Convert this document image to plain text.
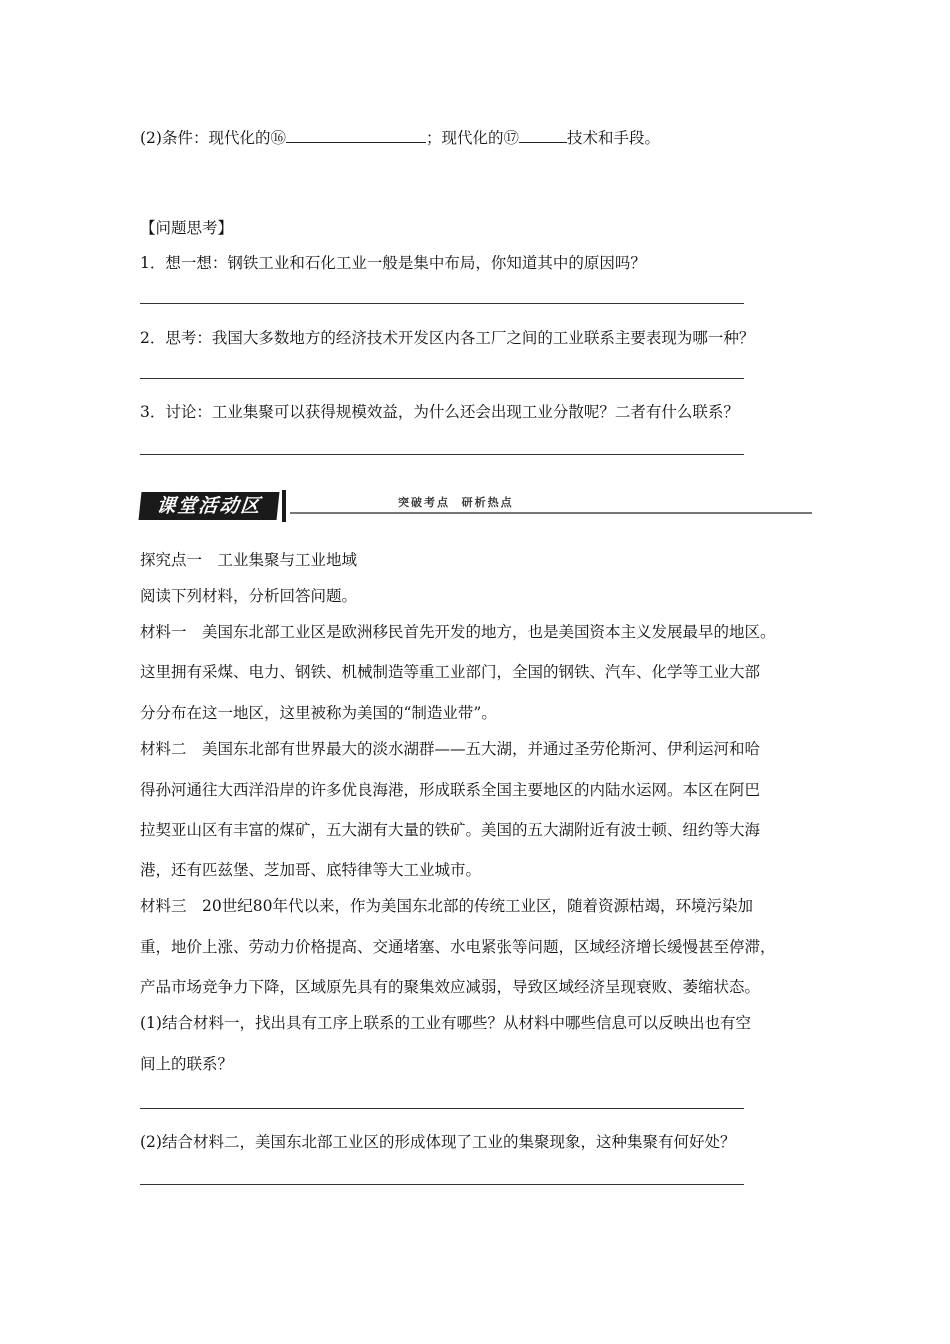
(2)条件：现代化的⑯	；现代化的⑰	技术和手段。
【问题思考】
1．想一想：钢铁工业和石化工业一般是集中布局，你知道其中的原因吗？
2．思考：我国大多数地方的经济技术开发区内各工厂之间的工业联系主要表现为哪一种？
3．讨论：工业集聚可以获得规模效益，为什么还会出现工业分散呢？二者有什么联系？
课堂活动区	突破考点  研析热点
探究点一　工业集聚与工业地域
阅读下列材料，分析回答问题。
材料一　美国东北部工业区是欧洲移民首先开发的地方，也是美国资本主义发展最早的地区。
这里拥有采煤、电力、钢铁、机械制造等重工业部门，全国的钢铁、汽车、化学等工业大部
分分布在这一地区，这里被称为美国的“制造业带”。
材料二　美国东北部有世界最大的淡水湖群——五大湖，并通过圣劳伦斯河、伊利运河和哈
得孙河通往大西洋沿岸的许多优良海港，形成联系全国主要地区的内陆水运网。本区在阿巴
拉契亚山区有丰富的煤矿，五大湖有大量的铁矿。美国的五大湖附近有波士顿、纽约等大海
港，还有匹兹堡、芝加哥、底特律等大工业城市。
材料三　20世纪80年代以来，作为美国东北部的传统工业区，随着资源枯竭，环境污染加
重，地价上涨、劳动力价格提高、交通堵塞、水电紧张等问题，区域经济增长缓慢甚至停滞，
产品市场竞争力下降，区域原先具有的聚集效应减弱，导致区域经济呈现衰败、萎缩状态。
(1)结合材料一，找出具有工序上联系的工业有哪些？从材料中哪些信息可以反映出也有空
间上的联系？
(2)结合材料二，美国东北部工业区的形成体现了工业的集聚现象，这种集聚有何好处？
